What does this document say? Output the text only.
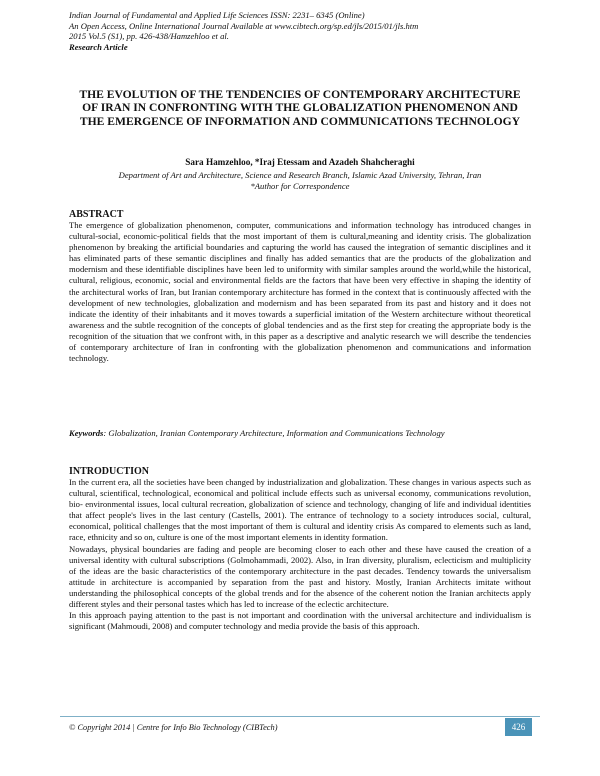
Indian Journal of Fundamental and Applied Life Sciences ISSN: 2231– 6345 (Online)
An Open Access, Online International Journal Available at www.cibtech.org/sp.ed/jls/2015/01/jls.htm
2015 Vol.5 (S1), pp. 426-438/Hamzehloo et al.
Research Article
THE EVOLUTION OF THE TENDENCIES OF CONTEMPORARY ARCHITECTURE OF IRAN IN CONFRONTING WITH THE GLOBALIZATION PHENOMENON AND THE EMERGENCE OF INFORMATION AND COMMUNICATIONS TECHNOLOGY
Sara Hamzehloo, *Iraj Etessam and Azadeh Shahcheraghi
Department of Art and Architecture, Science and Research Branch, Islamic Azad University, Tehran, Iran
*Author for Correspondence
ABSTRACT

The emergence of globalization phenomenon, computer, communications and information technology has introduced changes in cultural-social, economic-political fields that the most important of them is cultural,meaning and identity crisis. The globalization phenomenon by breaking the artificial boundaries and capturing the world has caused the integration of semantic disciplines and it has eliminated parts of these semantic disciplines and finally has added semantics that are the products of the globalization and modernism and these identifiable disciplines have been led to uniformity with similar samples around the world,while the historical, cultural, religious, economic, social and environmental fields are the factors that have been very effective in shaping the identity of the architectural works of Iran, but Iranian contemporary architecture has formed in the context that is continuously affected with the development of new technologies, globalization and modernism and has been separated from its past and history and it does not indicate the identity of their inhabitants and it moves towards a superficial imitation of the Western architecture without theoretical awareness and the subtle recognition of the concepts of global tendencies and as the first step for creating the appropriate body is the recognition of the situation that we confront with, in this paper as a descriptive and analytic research we will describe the tendencies of contemporary architecture of Iran in confronting with the globalization phenomenon and communications and information technology.

Keywords: Globalization, Iranian Contemporary Architecture, Information and Communications Technology
INTRODUCTION

In the current era, all the societies have been changed by industrialization and globalization. These changes in various aspects such as cultural, scientifical, technological, economical and political include effects such as universal economy, communications revolution, bio- environmental issues, local cultural recreation, globalization of science and technology, changing of life and individual identities that affect people's lives in the last century (Castells, 2001). The entrance of technology to a society introduces social, cultural, economical, political challenges that the most important of them is cultural and identity crisis As compared to elements such as land, race, ethnicity and so on, culture is one of the most important elements in identity formation.

Nowadays, physical boundaries are fading and people are becoming closer to each other and these have caused the creation of a universal identity with cultural subscriptions (Golmohammadi, 2002). Also, in Iran diversity, pluralism, eclecticism and multiplicity of the ideas are the basic characteristics of the contemporary architecture in the past decades. Tendency towards the universalism attitude in architecture is accompanied by separation from the past and history. Mostly, Iranian Architects imitate without understanding the philosophical concepts of the global trends and for the absence of the coherent notion the Iranian architects apply different styles and their personal tastes which has led to increase of the eclectic architecture.

In this approach paying attention to the past is not important and coordination with the universal architecture and individualism is significant (Mahmoudi, 2008) and computer technology and media provide the basis of this approach.

© Copyright 2014 | Centre for Info Bio Technology (CIBTech)	426
